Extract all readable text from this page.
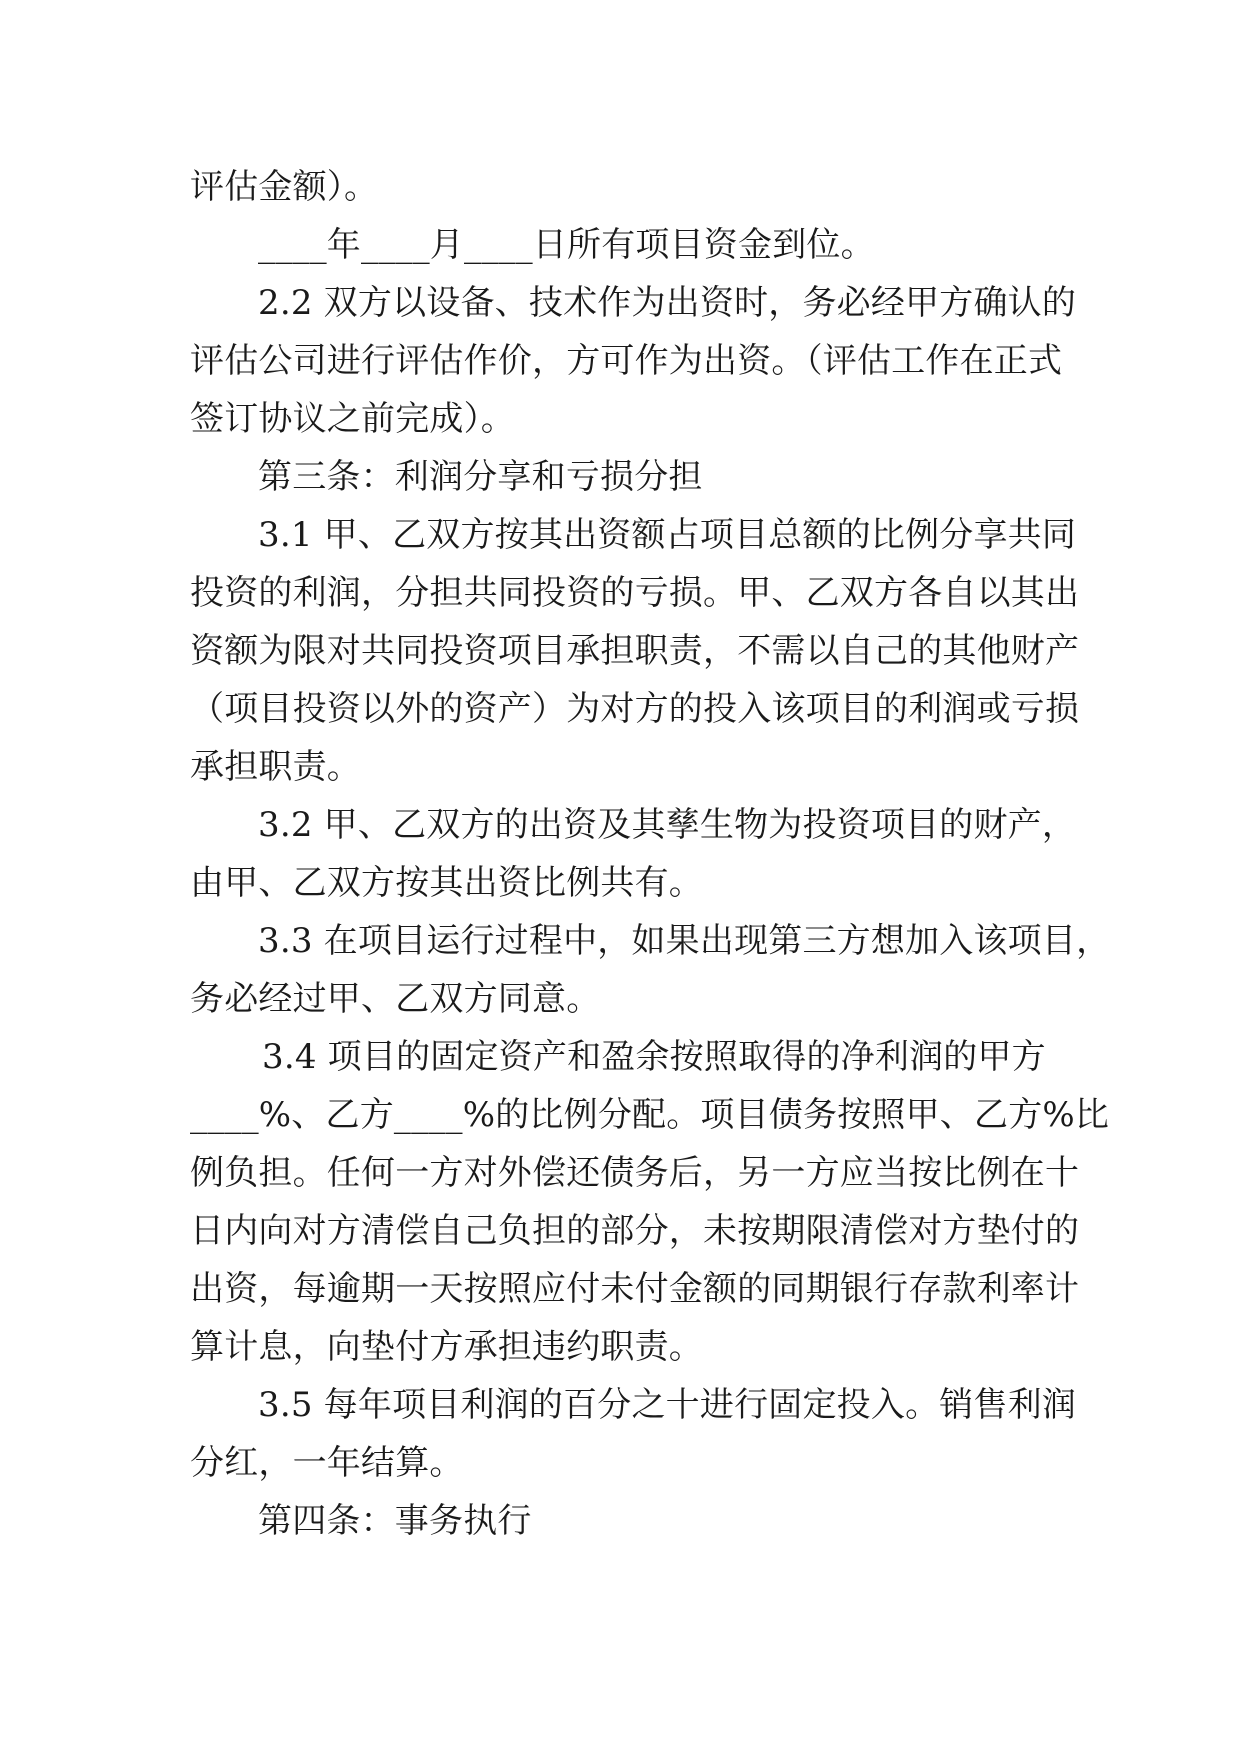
评估金额）。
____年____月____日所有项目资金到位。
2.2 双方以设备、技术作为出资时，务必经甲方确认的
评估公司进行评估作价，方可作为出资。（评估工作在正式
签订协议之前完成）。
第三条：利润分享和亏损分担
3.1 甲、乙双方按其出资额占项目总额的比例分享共同
投资的利润，分担共同投资的亏损。甲、乙双方各自以其出
资额为限对共同投资项目承担职责，不需以自己的其他财产
（项目投资以外的资产）为对方的投入该项目的利润或亏损
承担职责。
3.2 甲、乙双方的出资及其孳生物为投资项目的财产，
由甲、乙双方按其出资比例共有。
3.3 在项目运行过程中，如果出现第三方想加入该项目，
务必经过甲、乙双方同意。
3.4 项目的固定资产和盈余按照取得的净利润的甲方
____%、乙方____%的比例分配。项目债务按照甲、乙方%比
例负担。任何一方对外偿还债务后，另一方应当按比例在十
日内向对方清偿自己负担的部分，未按期限清偿对方垫付的
出资，每逾期一天按照应付未付金额的同期银行存款利率计
算计息，向垫付方承担违约职责。
3.5 每年项目利润的百分之十进行固定投入。销售利润
分红，一年结算。
第四条：事务执行
